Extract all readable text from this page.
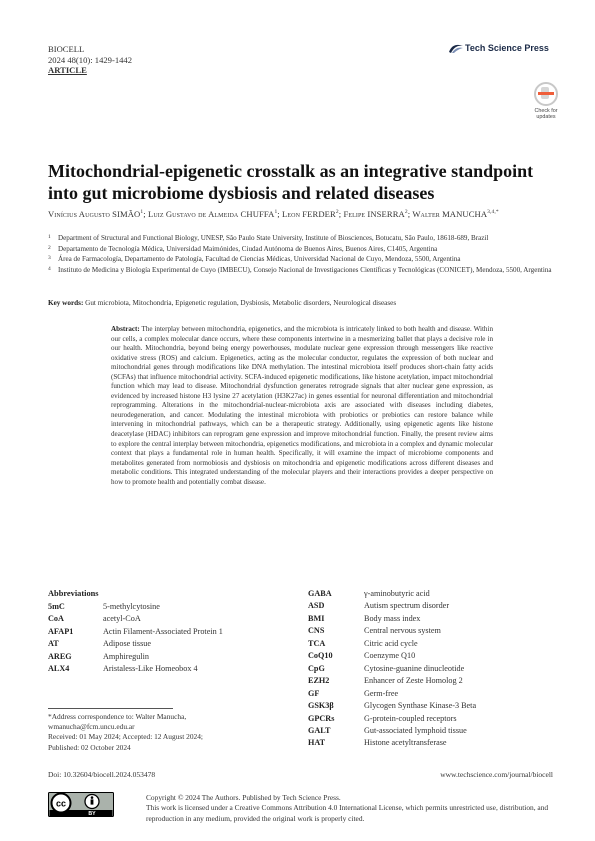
BIOCELL
2024 48(10): 1429-1442
ARTICLE
Tech Science Press
Check for updates
Mitochondrial-epigenetic crosstalk as an integrative standpoint into gut microbiome dysbiosis and related diseases
Vinícius Augusto SIMÃO$^1$; Luiz Gustavo de Almeida CHUFFA$^1$; Leon FERDER$^2$; Felipe INSERRA$^2$; Walter $MANUCHA^{3,4,*}$
1 Department of Structural and Functional Biology, UNESP, São Paulo State University, Institute of Biosciences, Botucatu, São Paulo, 18618-689, Brazil
2 Departamento de Tecnología Médica, Universidad Maimónides, Ciudad Autónoma de Buenos Aires, Buenos Aires, C1405, Argentina
3 Área de Farmacología, Departamento de Patología, Facultad de Ciencias Médicas, Universidad Nacional de Cuyo, Mendoza, 5500, Argentina
4 Instituto de Medicina y Biología Experimental de Cuyo (IMBECU), Consejo Nacional de Investigaciones Científicas y Tecnológicas (CONICET), Mendoza, 5500, Argentina
Key words: Gut microbiota, Mitochondria, Epigenetic regulation, Dysbiosis, Metabolic disorders, Neurological diseases
Abstract: The interplay between mitochondria, epigenetics, and the microbiota is intricately linked to both health and disease. Within our cells, a complex molecular dance occurs, where these components intertwine in a mesmerizing ballet that plays a decisive role in our health. Mitochondria, beyond being energy powerhouses, modulate nuclear gene expression through messengers like reactive oxidative stress (ROS) and calcium. Epigenetics, acting as the molecular conductor, regulates the expression of both nuclear and mitochondrial genes through modifications like DNA methylation. The intestinal microbiota itself produces short-chain fatty acids (SCFAs) that influence mitochondrial activity. SCFA-induced epigenetic modifications, like histone acetylation, impact mitochondrial function which may lead to disease. Mitochondrial dysfunction generates retrograde signals that alter nuclear gene expression, as evidenced by increased histone H3 lysine 27 acetylation (H3K27ac) in genes essential for neuronal differentiation and mitochondrial reprogramming. Alterations in the mitochondrial-nuclear-microbiota axis are associated with diseases including diabetes, neurodegeneration, and cancer. Modulating the intestinal microbiota with probiotics or prebiotics can restore balance while intervening in mitochondrial pathways, which can be a therapeutic strategy. Additionally, using epigenetic agents like histone deacetylase (HDAC) inhibitors can reprogram gene expression and improve mitochondrial function. Finally, the present review aims to explore the central interplay between mitochondria, epigenetics modifications, and microbiota in a complex and dynamic molecular context that plays a fundamental role in human health. Specifically, it will examine the impact of microbiome components and metabolites generated from normobiosis and dysbiosis on mitochondria and epigenetic modifications across different diseases and metabolic conditions. This integrated understanding of the molecular players and their interactions provides a deeper perspective on how to promote health and potentially combat disease.
Abbreviations
5mC	5-methylcytosine
CoA	acetyl-CoA
AFAP1	Actin Filament-Associated Protein 1
AT	Adipose tissue
AREG	Amphiregulin
ALX4	Aristaless-Like Homeobox 4
GABA	γ-aminobutyric acid
ASD	Autism spectrum disorder
BMI	Body mass index
CNS	Central nervous system
TCA	Citric acid cycle
CoQ10	Coenzyme Q10
CpG	Cytosine-guanine dinucleotide
EZH2	Enhancer of Zeste Homolog 2
GF	Germ-free
GSK3β	Glycogen Synthase Kinase-3 Beta
GPCRs	G-protein-coupled receptors
GALT	Gut-associated lymphoid tissue
HAT	Histone acetyltransferase
*Address correspondence to: Walter Manucha,
wmanucha@fcm.uncu.edu.ar
Received: 01 May 2024; Accepted: 12 August 2024;
Published: 02 October 2024
Doi: 10.32604/biocell.2024.053478	www.techscience.com/journal/biocell
cc
BY
Copyright © 2024 The Authors. Published by Tech Science Press.
This work is licensed under a Creative Commons Attribution 4.0 International License, which permits unrestricted use, distribution, and reproduction in any medium, provided the original work is properly cited.
